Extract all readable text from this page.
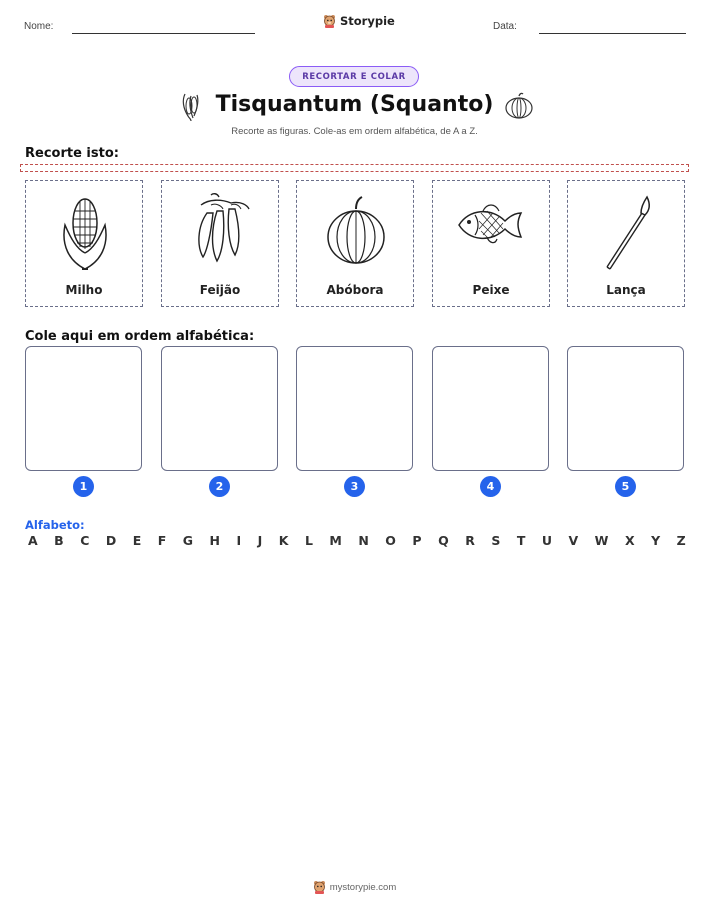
Nome:	Storypie	Data:
RECORTAR E COLAR
Tisquantum (Squanto)
Recorte as figuras. Cole-as em ordem alfabética, de A a Z.
Recorte isto:
Milho	Feijão	Abóbora	Peixe	Lança
Cole aqui em ordem alfabética:
1	2	3	4	5
Alfabeto:
A B C D E F G H I J K L M N O P Q R S T U V W X Y Z
mystorypie.com
